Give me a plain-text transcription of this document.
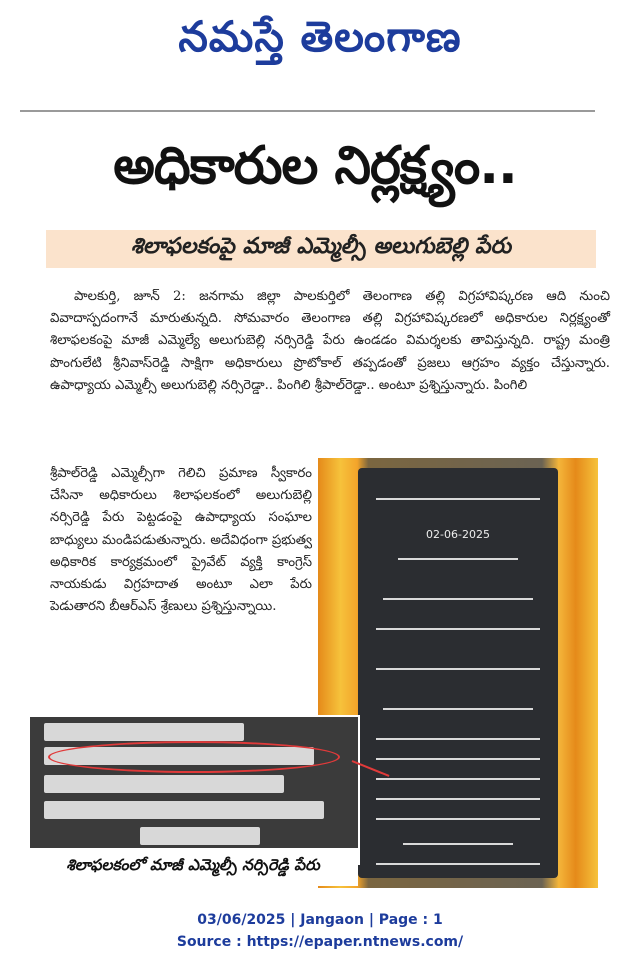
నమస్తే తెలంగాణ
అధికారుల నిర్లక్ష్యం..
శిలాఫలకంపై మాజీ ఎమ్మెల్సీ అలుగుబెల్లి పేరు

పాలకుర్తి, జూన్ 2: జనగామ జిల్లా పాలకుర్తిలో తెలంగాణ తల్లి విగ్రహావిష్కరణ ఆది నుంచి వివాదాస్పదంగానే మారుతున్నది. సోమవారం తెలంగాణ తల్లి విగ్రహావిష్కరణలో అధికారుల నిర్లక్ష్యంతో శిలాఫలకంపై మాజీ ఎమ్మెల్యే అలుగుబెల్లి నర్సిరెడ్డి పేరు ఉండడం విమర్శలకు తావిస్తున్నది. రాష్ట్ర మంత్రి పొంగులేటి శ్రీనివాస్‌రెడ్డి సాక్షిగా అధికారులు ప్రొటోకాల్ తప్పడంతో ప్రజలు ఆగ్రహం వ్యక్తం చేస్తున్నారు. ఉపాధ్యాయ ఎమ్మెల్సీ అలుగుబెల్లి నర్సిరెడ్డా.. పింగిలి శ్రీపాల్‌రెడ్డా.. అంటూ ప్రశ్నిస్తున్నారు. పింగిలి

శ్రీపాల్‌రెడ్డి ఎమ్మెల్సీగా గెలిచి ప్రమాణ స్వీకారం చేసినా అధికారులు శిలాఫలకంలో అలుగుబెల్లి నర్సిరెడ్డి పేరు పెట్టడంపై ఉపాధ్యాయ సంఘాల బాధ్యులు మండిపడుతున్నారు. అదేవిధంగా ప్రభుత్వ అధికారిక కార్యక్రమంలో ప్రైవేట్ వ్యక్తి కాంగ్రెస్ నాయకుడు విగ్రహదాత అంటూ ఎలా పేరు పెడుతారని బీఆర్‌ఎస్ శ్రేణులు ప్రశ్నిస్తున్నాయి.

02-06-2025
శిలాఫలకంలో మాజీ ఎమ్మెల్సీ నర్సిరెడ్డి పేరు
03/06/2025 | Jangaon | Page : 1
Source : https://epaper.ntnews.com/
